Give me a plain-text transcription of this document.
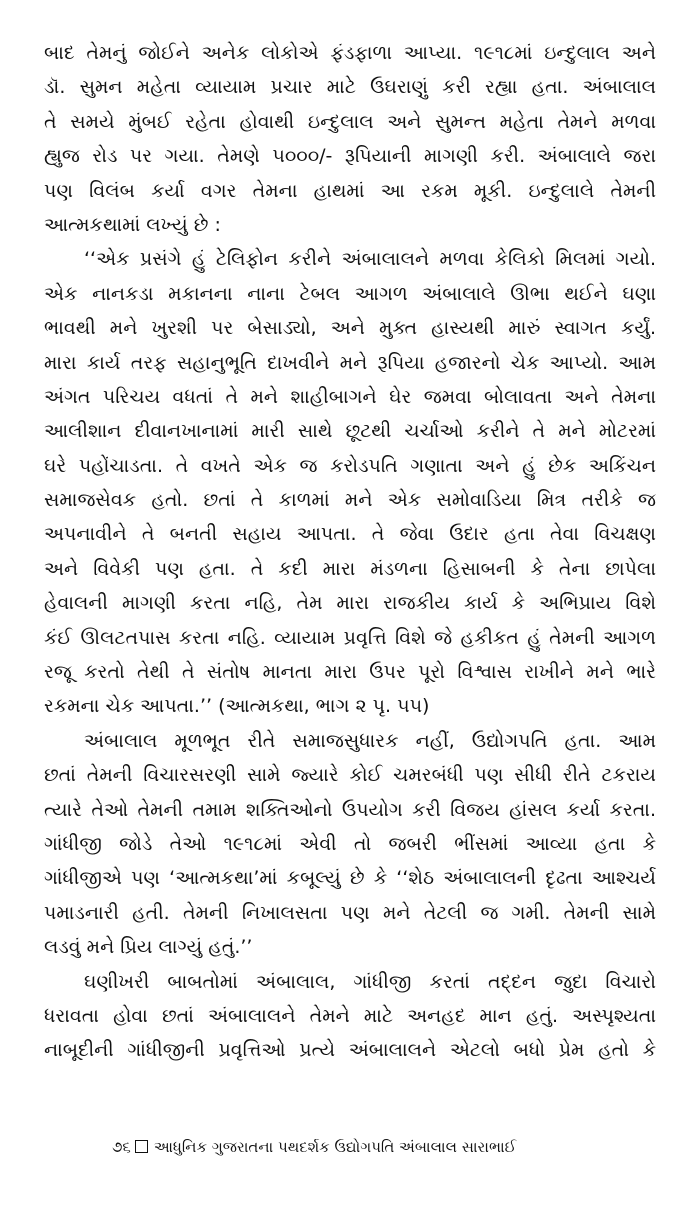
બાદ તેમનું જોઈને અનેક લોકોએ ફંડફાળા આપ્યા. ૧૯૧૮માં ઇન્દુલાલ અને
ડૉ. સુમન મહેતા વ્યાયામ પ્રચાર માટે ઉઘરાણું કરી રહ્યા હતા. અંબાલાલ
તે સમયે મુંબઈ રહેતા હોવાથી ઇન્દુલાલ અને સુમન્ત મહેતા તેમને મળવા
હ્યુજ રોડ પર ગયા. તેમણે ૫૦૦૦/- રૂપિયાની માગણી કરી. અંબાલાલે જરા
પણ વિલંબ કર્યા વગર તેમના હાથમાં આ રકમ મૂકી. ઇન્દુલાલે તેમની
આત્મકથામાં લખ્યું છે :
‘‘એક પ્રસંગે હું ટેલિફોન કરીને અંબાલાલને મળવા કેલિકો મિલમાં ગયો.
એક નાનકડા મકાનના નાના ટેબલ આગળ અંબાલાલે ઊભા થઈને ઘણા
ભાવથી મને ખુરશી પર બેસાડ્યો, અને મુક્ત હાસ્યથી મારું સ્વાગત કર્યું.
મારા કાર્ય તરફ સહાનુભૂતિ દાખવીને મને રૂપિયા હજારનો ચેક આપ્યો. આમ
અંગત પરિચય વધતાં તે મને શાહીબાગને ઘેર જમવા બોલાવતા અને તેમના
આલીશાન દીવાનખાનામાં મારી સાથે છૂટથી ચર્ચાઓ કરીને તે મને મોટરમાં
ઘરે પહોંચાડતા. તે વખતે એક જ કરોડપતિ ગણાતા અને હું છેક અકિંચન
સમાજસેવક હતો. છતાં તે કાળમાં મને એક સમોવાડિયા મિત્ર તરીકે જ
અપનાવીને તે બનતી સહાય આપતા. તે જેવા ઉદાર હતા તેવા વિચક્ષણ
અને વિવેકી પણ હતા. તે કદી મારા મંડળના હિસાબની કે તેના છાપેલા
હેવાલની માગણી કરતા નહિ, તેમ મારા રાજકીય કાર્ય કે અભિપ્રાય વિશે
કંઈ ઊલટતપાસ કરતા નહિ. વ્યાયામ પ્રવૃત્તિ વિશે જે હકીકત હું તેમની આગળ
રજૂ કરતો તેથી તે સંતોષ માનતા મારા ઉપર પૂરો વિશ્વાસ રાખીને મને ભારે
રકમના ચેક આપતા.’’ (આત્મકથા, ભાગ ૨ પૃ. ૫૫)
અંબાલાલ મૂળભૂત રીતે સમાજસુધારક નહીં, ઉદ્યોગપતિ હતા. આમ
છતાં તેમની વિચારસરણી સામે જ્યારે કોઈ ચમરબંધી પણ સીધી રીતે ટકરાય
ત્યારે તેઓ તેમની તમામ શક્તિઓનો ઉપયોગ કરી વિજય હાંસલ કર્યા કરતા.
ગાંધીજી જોડે તેઓ ૧૯૧૮માં એવી તો જબરી ભીંસમાં આવ્યા હતા કે
ગાંધીજીએ પણ ‘આત્મકથા’માં કબૂલ્યું છે કે ‘‘શેઠ અંબાલાલની દૃઢતા આશ્ચર્ય
પમાડનારી હતી. તેમની નિખાલસતા પણ મને તેટલી જ ગમી. તેમની સામે
લડવું મને પ્રિય લાગ્યું હતું.’’
ઘણીખરી બાબતોમાં અંબાલાલ, ગાંધીજી કરતાં તદ્દન જુદા વિચારો
ધરાવતા હોવા છતાં અંબાલાલને તેમને માટે અનહદ માન હતું. અસ્પૃશ્યતા
નાબૂદીની ગાંધીજીની પ્રવૃત્તિઓ પ્રત્યે અંબાલાલને એટલો બધો પ્રેમ હતો કે
૭૬ આધુનિક ગુજરાતના પથદર્શક ઉદ્યોગપતિ અંબાલાલ સારાભાઈ
